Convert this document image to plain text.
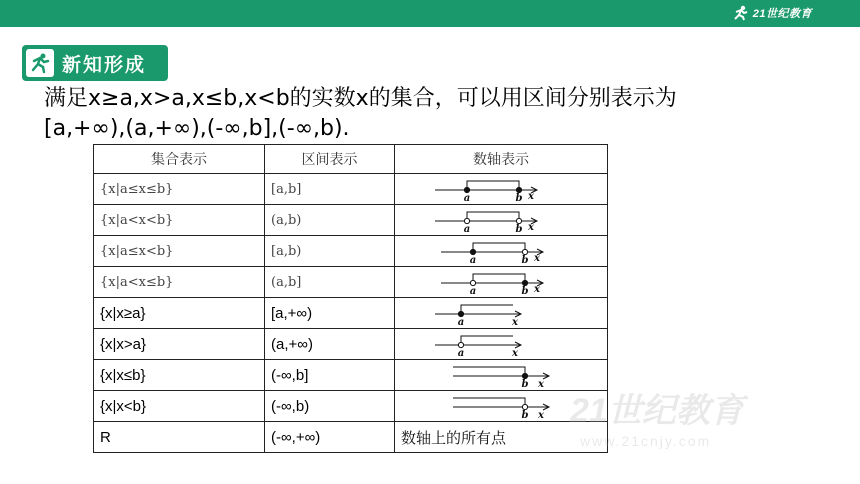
21世纪教育
新知形成
满足x≥a,x>a,x≤b,x<b的实数x的集合，可以用区间分别表示为
[a,+∞),(a,+∞),(-∞,b],(-∞,b).
集合表示	区间表示	数轴表示
{x|a≤x≤b}	[a,b]	a b x

{x|a<x<b}	(a,b)	a b x

{x|a≤x<b}	[a,b)	a b x

{x|a<x≤b}	(a,b]	a b x

{x|x≥a}	[a,+∞)	a x

{x|x>a}	(a,+∞)	a x

{x|x≤b}	(-∞,b]	b x

{x|x<b}	(-∞,b)	b x

R	(-∞,+∞)	数轴上的所有点
21世纪教育
www.21cnjy.com
